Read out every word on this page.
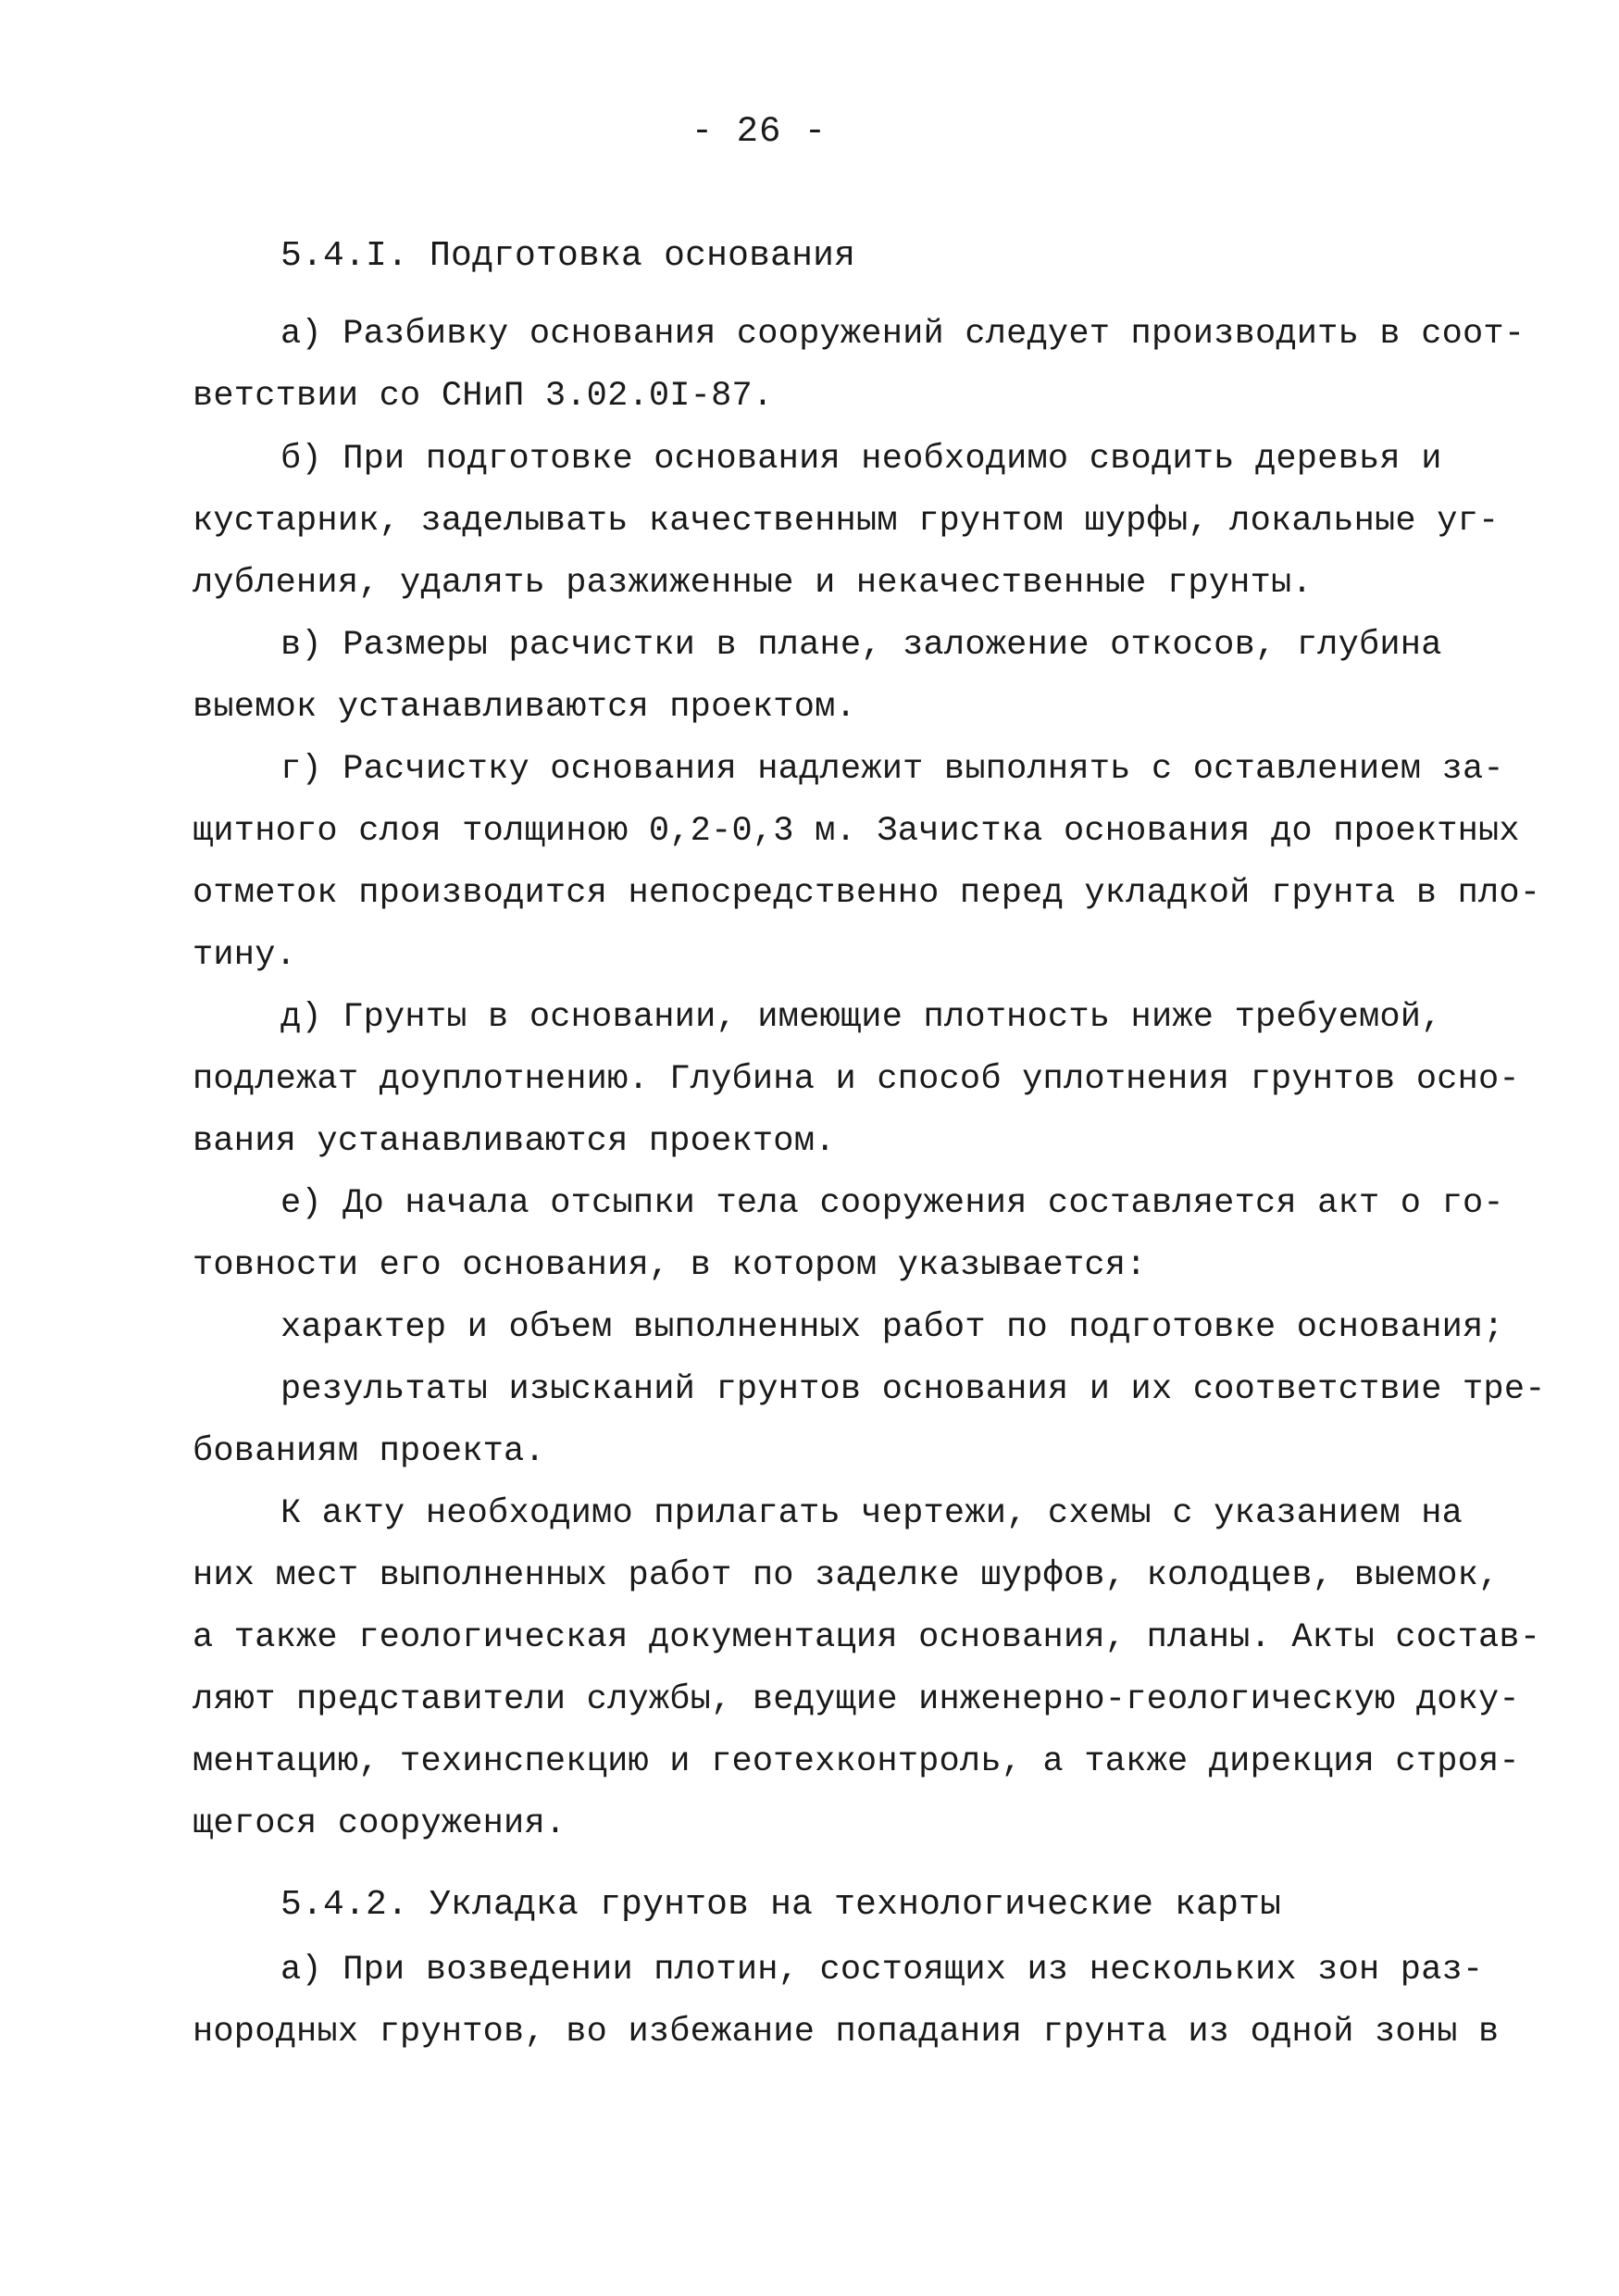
- 26 -
5.4.I. Подготовка основания
а) Разбивку основания сооружений следует производить в соот-
ветствии со СНиП 3.02.0I-87.
б) При подготовке основания необходимо сводить деревья и
кустарник, заделывать качественным грунтом шурфы, локальные уг-
лубления, удалять разжиженные и некачественные грунты.
в) Размеры расчистки в плане, заложение откосов, глубина
выемок устанавливаются проектом.
г) Расчистку основания надлежит выполнять с оставлением за-
щитного слоя толщиною 0,2-0,3 м. Зачистка основания до проектных
отметок производится непосредственно перед укладкой грунта в пло-
тину.
д) Грунты в основании, имеющие плотность ниже требуемой,
подлежат доуплотнению. Глубина и способ уплотнения грунтов осно-
вания устанавливаются проектом.
е) До начала отсыпки тела сооружения составляется акт о го-
товности его основания, в котором указывается:
характер и объем выполненных работ по подготовке основания;
результаты изысканий грунтов основания и их соответствие тре-
бованиям проекта.
К акту необходимо прилагать чертежи, схемы с указанием на
них мест выполненных работ по заделке шурфов, колодцев, выемок,
а также геологическая документация основания, планы. Акты состав-
ляют представители службы, ведущие инженерно-геологическую доку-
ментацию, техинспекцию и геотехконтроль, а также дирекция строя-
щегося сооружения.
5.4.2. Укладка грунтов на технологические карты
а) При возведении плотин, состоящих из нескольких зон раз-
нородных грунтов, во избежание попадания грунта из одной зоны в
